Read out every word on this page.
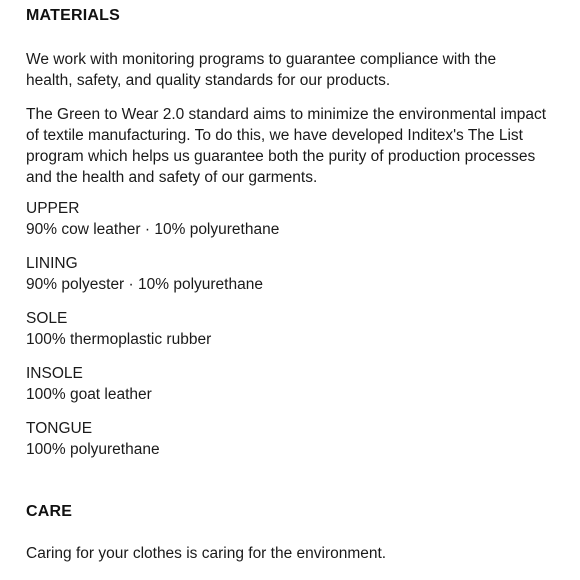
MATERIALS

We work with monitoring programs to guarantee compliance with the health, safety, and quality standards for our products.

The Green to Wear 2.0 standard aims to minimize the environmental impact of textile manufacturing. To do this, we have developed Inditex's The List program which helps us guarantee both the purity of production processes and the health and safety of our garments.

UPPER

90% cow leather · 10% polyurethane

LINING

90% polyester · 10% polyurethane

SOLE

100% thermoplastic rubber

INSOLE

100% goat leather

TONGUE

100% polyurethane

CARE

Caring for your clothes is caring for the environment.
